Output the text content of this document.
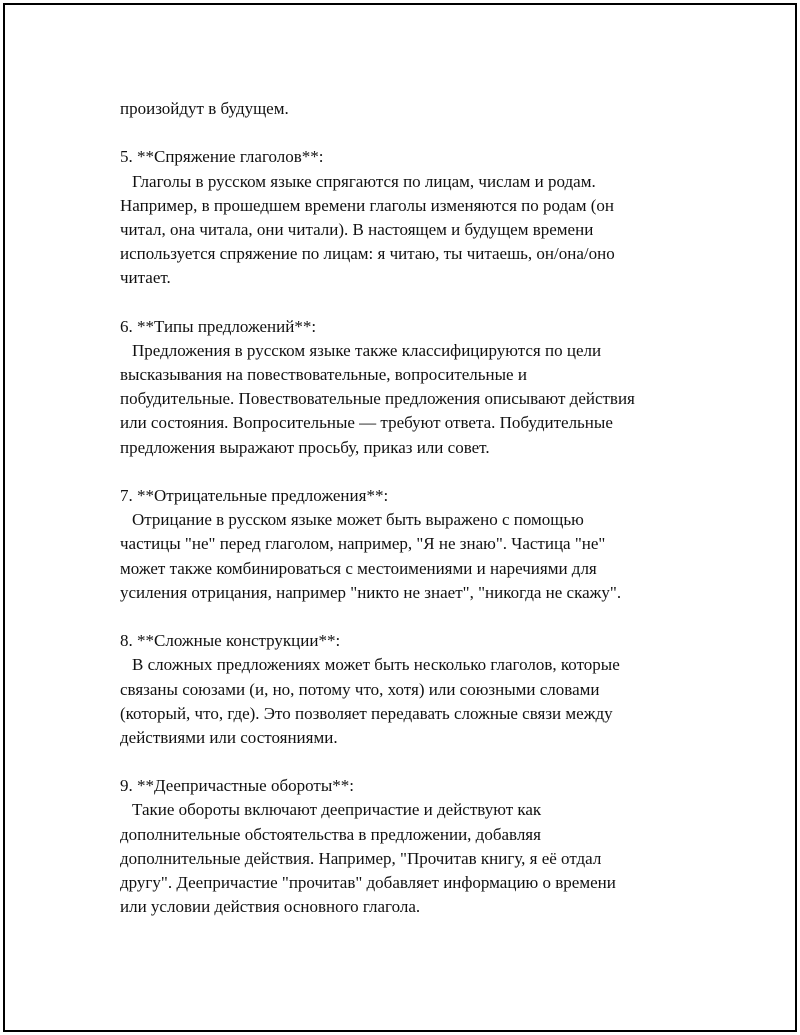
произойдут в будущем.
5. **Спряжение глаголов**:
Глаголы в русском языке спрягаются по лицам, числам и родам.
Например, в прошедшем времени глаголы изменяются по родам (он
читал, она читала, они читали). В настоящем и будущем времени
используется спряжение по лицам: я читаю, ты читаешь, он/она/оно
читает.
6. **Типы предложений**:
Предложения в русском языке также классифицируются по цели
высказывания на повествовательные, вопросительные и
побудительные. Повествовательные предложения описывают действия
или состояния. Вопросительные — требуют ответа. Побудительные
предложения выражают просьбу, приказ или совет.
7. **Отрицательные предложения**:
Отрицание в русском языке может быть выражено с помощью
частицы "не" перед глаголом, например, "Я не знаю". Частица "не"
может также комбинироваться с местоимениями и наречиями для
усиления отрицания, например "никто не знает", "никогда не скажу".
8. **Сложные конструкции**:
В сложных предложениях может быть несколько глаголов, которые
связаны союзами (и, но, потому что, хотя) или союзными словами
(который, что, где). Это позволяет передавать сложные связи между
действиями или состояниями.
9. **Деепричастные обороты**:
Такие обороты включают деепричастие и действуют как
дополнительные обстоятельства в предложении, добавляя
дополнительные действия. Например, "Прочитав книгу, я её отдал
другу". Деепричастие "прочитав" добавляет информацию о времени
или условии действия основного глагола.
